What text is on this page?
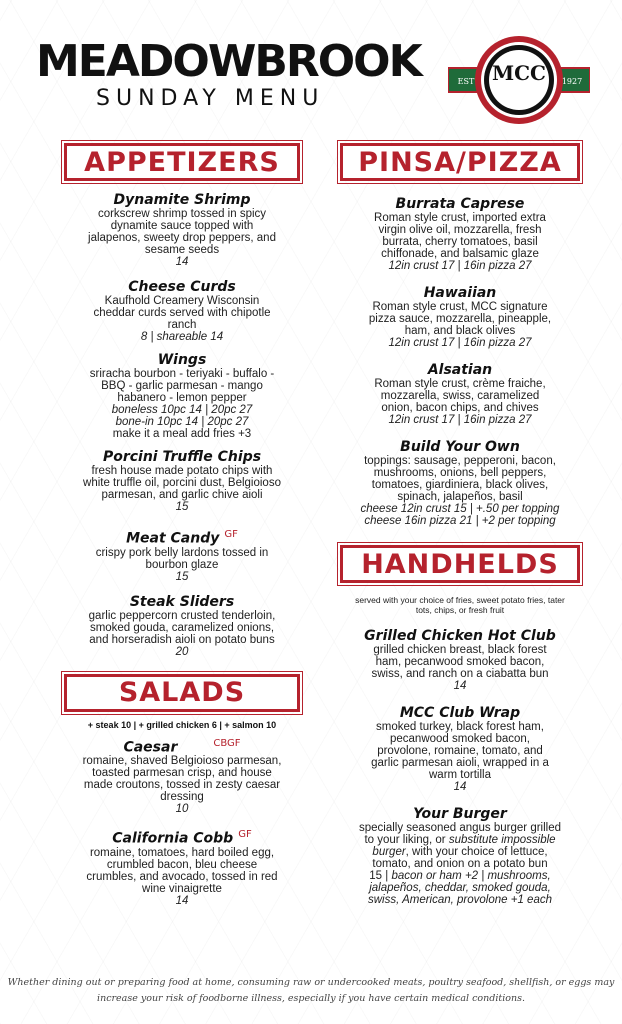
MEADOWBROOK
SUNDAY MENU
MCC
EST	1927
APPETIZERS
Dynamite Shrimp
corkscrew shrimp tossed in spicy dynamite sauce topped with jalapenos, sweety drop peppers, and sesame seeds
14
Cheese Curds
Kaufhold Creamery Wisconsin cheddar curds served with chipotle ranch
8 | shareable 14
Wings
sriracha bourbon - teriyaki - buffalo - BBQ - garlic parmesan - mango habanero - lemon pepper
boneless 10pc 14 | 20pc 27
bone-in 10pc 14 | 20pc 27
make it a meal add fries +3
Porcini Truffle Chips
fresh house made potato chips with white truffle oil, porcini dust, Belgioioso parmesan, and garlic chive aioli
15
Meat Candy $^{GF}$
crispy pork belly lardons tossed in bourbon glaze
15
Steak Sliders
garlic peppercorn crusted tenderloin, smoked gouda, caramelized onions, and horseradish aioli on potato buns
20
SALADS
+ steak 10 | + grilled chicken 6 | + salmon 10
Caesar	$^{CBGF}$
romaine, shaved Belgioioso parmesan, toasted parmesan crisp, and house made croutons, tossed in zesty caesar dressing
10
California Cobb $^{GF}$
romaine, tomatoes, hard boiled egg, crumbled bacon, bleu cheese crumbles, and avocado, tossed in red wine vinaigrette
14
PINSA/PIZZA
Burrata Caprese
Roman style crust, imported extra virgin olive oil, mozzarella, fresh burrata, cherry tomatoes, basil chiffonade, and balsamic glaze
12in crust 17 | 16in pizza 27
Hawaiian
Roman style crust, MCC signature pizza sauce, mozzarella, pineapple, ham, and black olives
12in crust 17 | 16in pizza 27
Alsatian
Roman style crust, crème fraiche, mozzarella, swiss, caramelized onion, bacon chips, and chives
12in crust 17 | 16in pizza 27
Build Your Own
toppings: sausage, pepperoni, bacon, mushrooms, onions, bell peppers, tomatoes, giardiniera, black olives, spinach, jalapeños, basil
cheese 12in crust 15 | +.50 per topping
cheese 16in pizza 21 | +2 per topping
HANDHELDS
served with your choice of fries, sweet potato fries, tater tots, chips, or fresh fruit
Grilled Chicken Hot Club
grilled chicken breast, black forest ham, pecanwood smoked bacon, swiss, and ranch on a ciabatta bun
14
MCC Club Wrap
smoked turkey, black forest ham, pecanwood smoked bacon, provolone, romaine, tomato, and garlic parmesan aioli, wrapped in a warm tortilla
14
Your Burger
specially seasoned angus burger grilled to your liking, or substitute impossible burger, with your choice of lettuce, tomato, and onion on a potato bun
15 | bacon or ham +2 | mushrooms, jalapeños, cheddar, smoked gouda, swiss, American, provolone +1 each
Whether dining out or preparing food at home, consuming raw or undercooked meats, poultry seafood, shellfish, or eggs may increase your risk of foodborne illness, especially if you have certain medical conditions.
